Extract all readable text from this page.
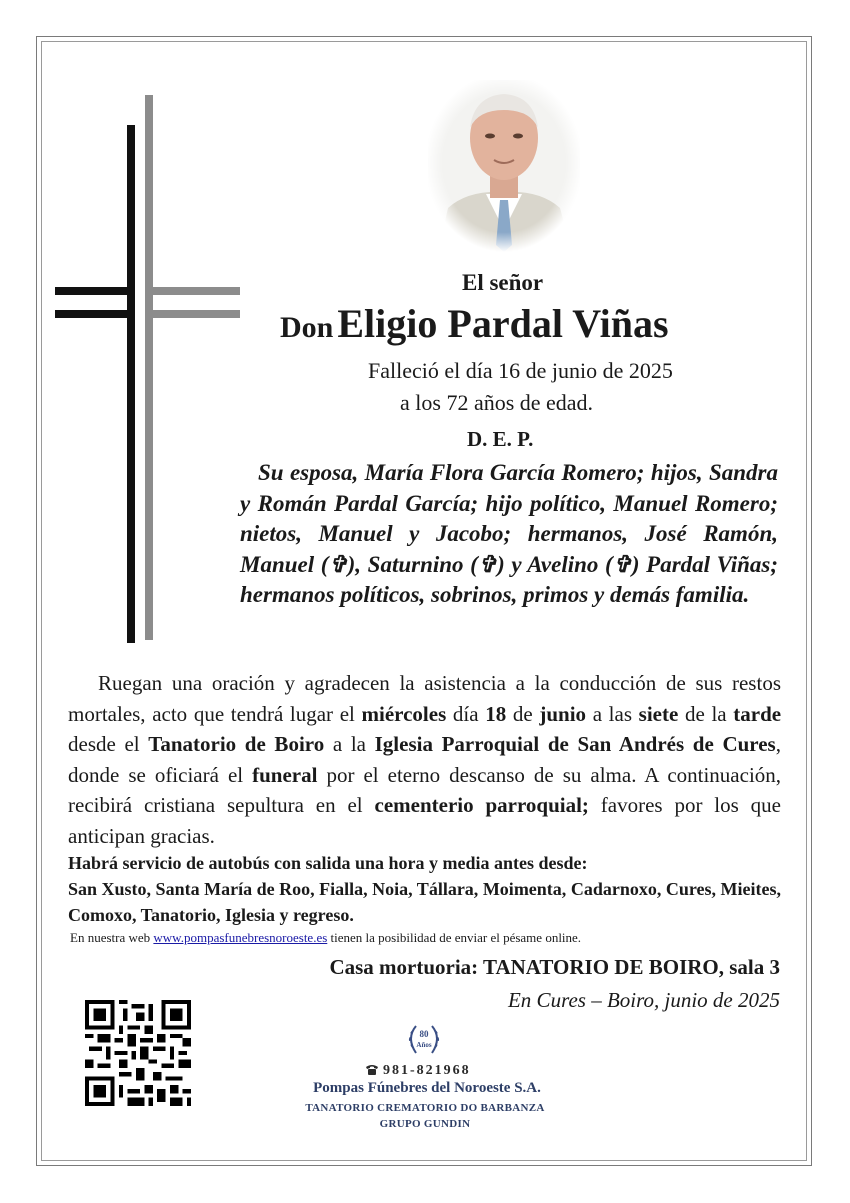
El señor
Don Eligio Pardal Viñas
Falleció el día 16 de junio de 2025
a los 72 años de edad.
D. E. P.
Su esposa, María Flora García Romero; hijos, Sandra y Román Pardal García; hijo político, Manuel Romero; nietos, Manuel y Jacobo; hermanos, José Ramón, Manuel (✞), Saturnino (✞) y Avelino (✞) Pardal Viñas; hermanos políticos, sobrinos, primos y demás familia.
Ruegan una oración y agradecen la asistencia a la conducción de sus restos mortales, acto que tendrá lugar el miércoles día 18 de junio a las siete de la tarde desde el Tanatorio de Boiro a la Iglesia Parroquial de San Andrés de Cures, donde se oficiará el funeral por el eterno descanso de su alma. A continuación, recibirá cristiana sepultura en el cementerio parroquial; favores por los que anticipan gracias.
Habrá servicio de autobús con salida una hora y media antes desde:
San Xusto, Santa María de Roo, Fialla, Noia, Tállara, Moimenta, Cadarnoxo, Cures, Mieites, Comoxo, Tanatorio, Iglesia y regreso.
En nuestra web www.pompasfunebresnoroeste.es tienen la posibilidad de enviar el pésame online.
Casa mortuoria: TANATORIO DE BOIRO, sala 3
En Cures – Boiro, junio de 2025
80
Años
981-821968
Pompas Fúnebres del Noroeste S.A.
TANATORIO CREMATORIO DO BARBANZA
GRUPO GUNDIN
